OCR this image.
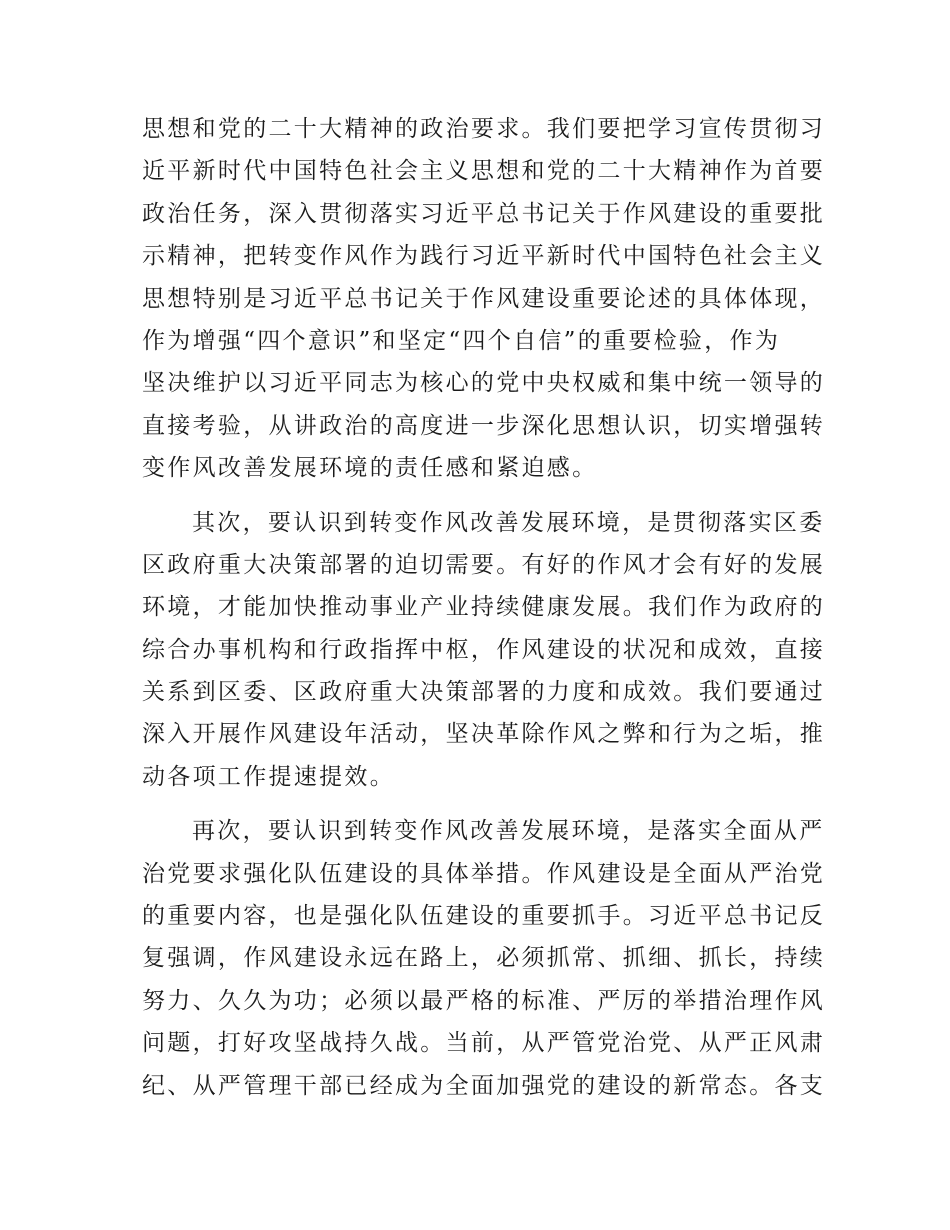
思想和党的二十大精神的政治要求。我们要把学习宣传贯彻习
近平新时代中国特色社会主义思想和党的二十大精神作为首要
政治任务，深入贯彻落实习近平总书记关于作风建设的重要批
示精神，把转变作风作为践行习近平新时代中国特色社会主义
思想特别是习近平总书记关于作风建设重要论述的具体体现，
作为增强“四个意识”和坚定“四个自信”的重要检验，作为
坚决维护以习近平同志为核心的党中央权威和集中统一领导的
直接考验，从讲政治的高度进一步深化思想认识，切实增强转
变作风改善发展环境的责任感和紧迫感。
其次，要认识到转变作风改善发展环境，是贯彻落实区委
区政府重大决策部署的迫切需要。有好的作风才会有好的发展
环境，才能加快推动事业产业持续健康发展。我们作为政府的
综合办事机构和行政指挥中枢，作风建设的状况和成效，直接
关系到区委、区政府重大决策部署的力度和成效。我们要通过
深入开展作风建设年活动，坚决革除作风之弊和行为之垢，推
动各项工作提速提效。
再次，要认识到转变作风改善发展环境，是落实全面从严
治党要求强化队伍建设的具体举措。作风建设是全面从严治党
的重要内容，也是强化队伍建设的重要抓手。习近平总书记反
复强调，作风建设永远在路上，必须抓常、抓细、抓长，持续
努力、久久为功；必须以最严格的标准、严厉的举措治理作风
问题，打好攻坚战持久战。当前，从严管党治党、从严正风肃
纪、从严管理干部已经成为全面加强党的建设的新常态。各支
